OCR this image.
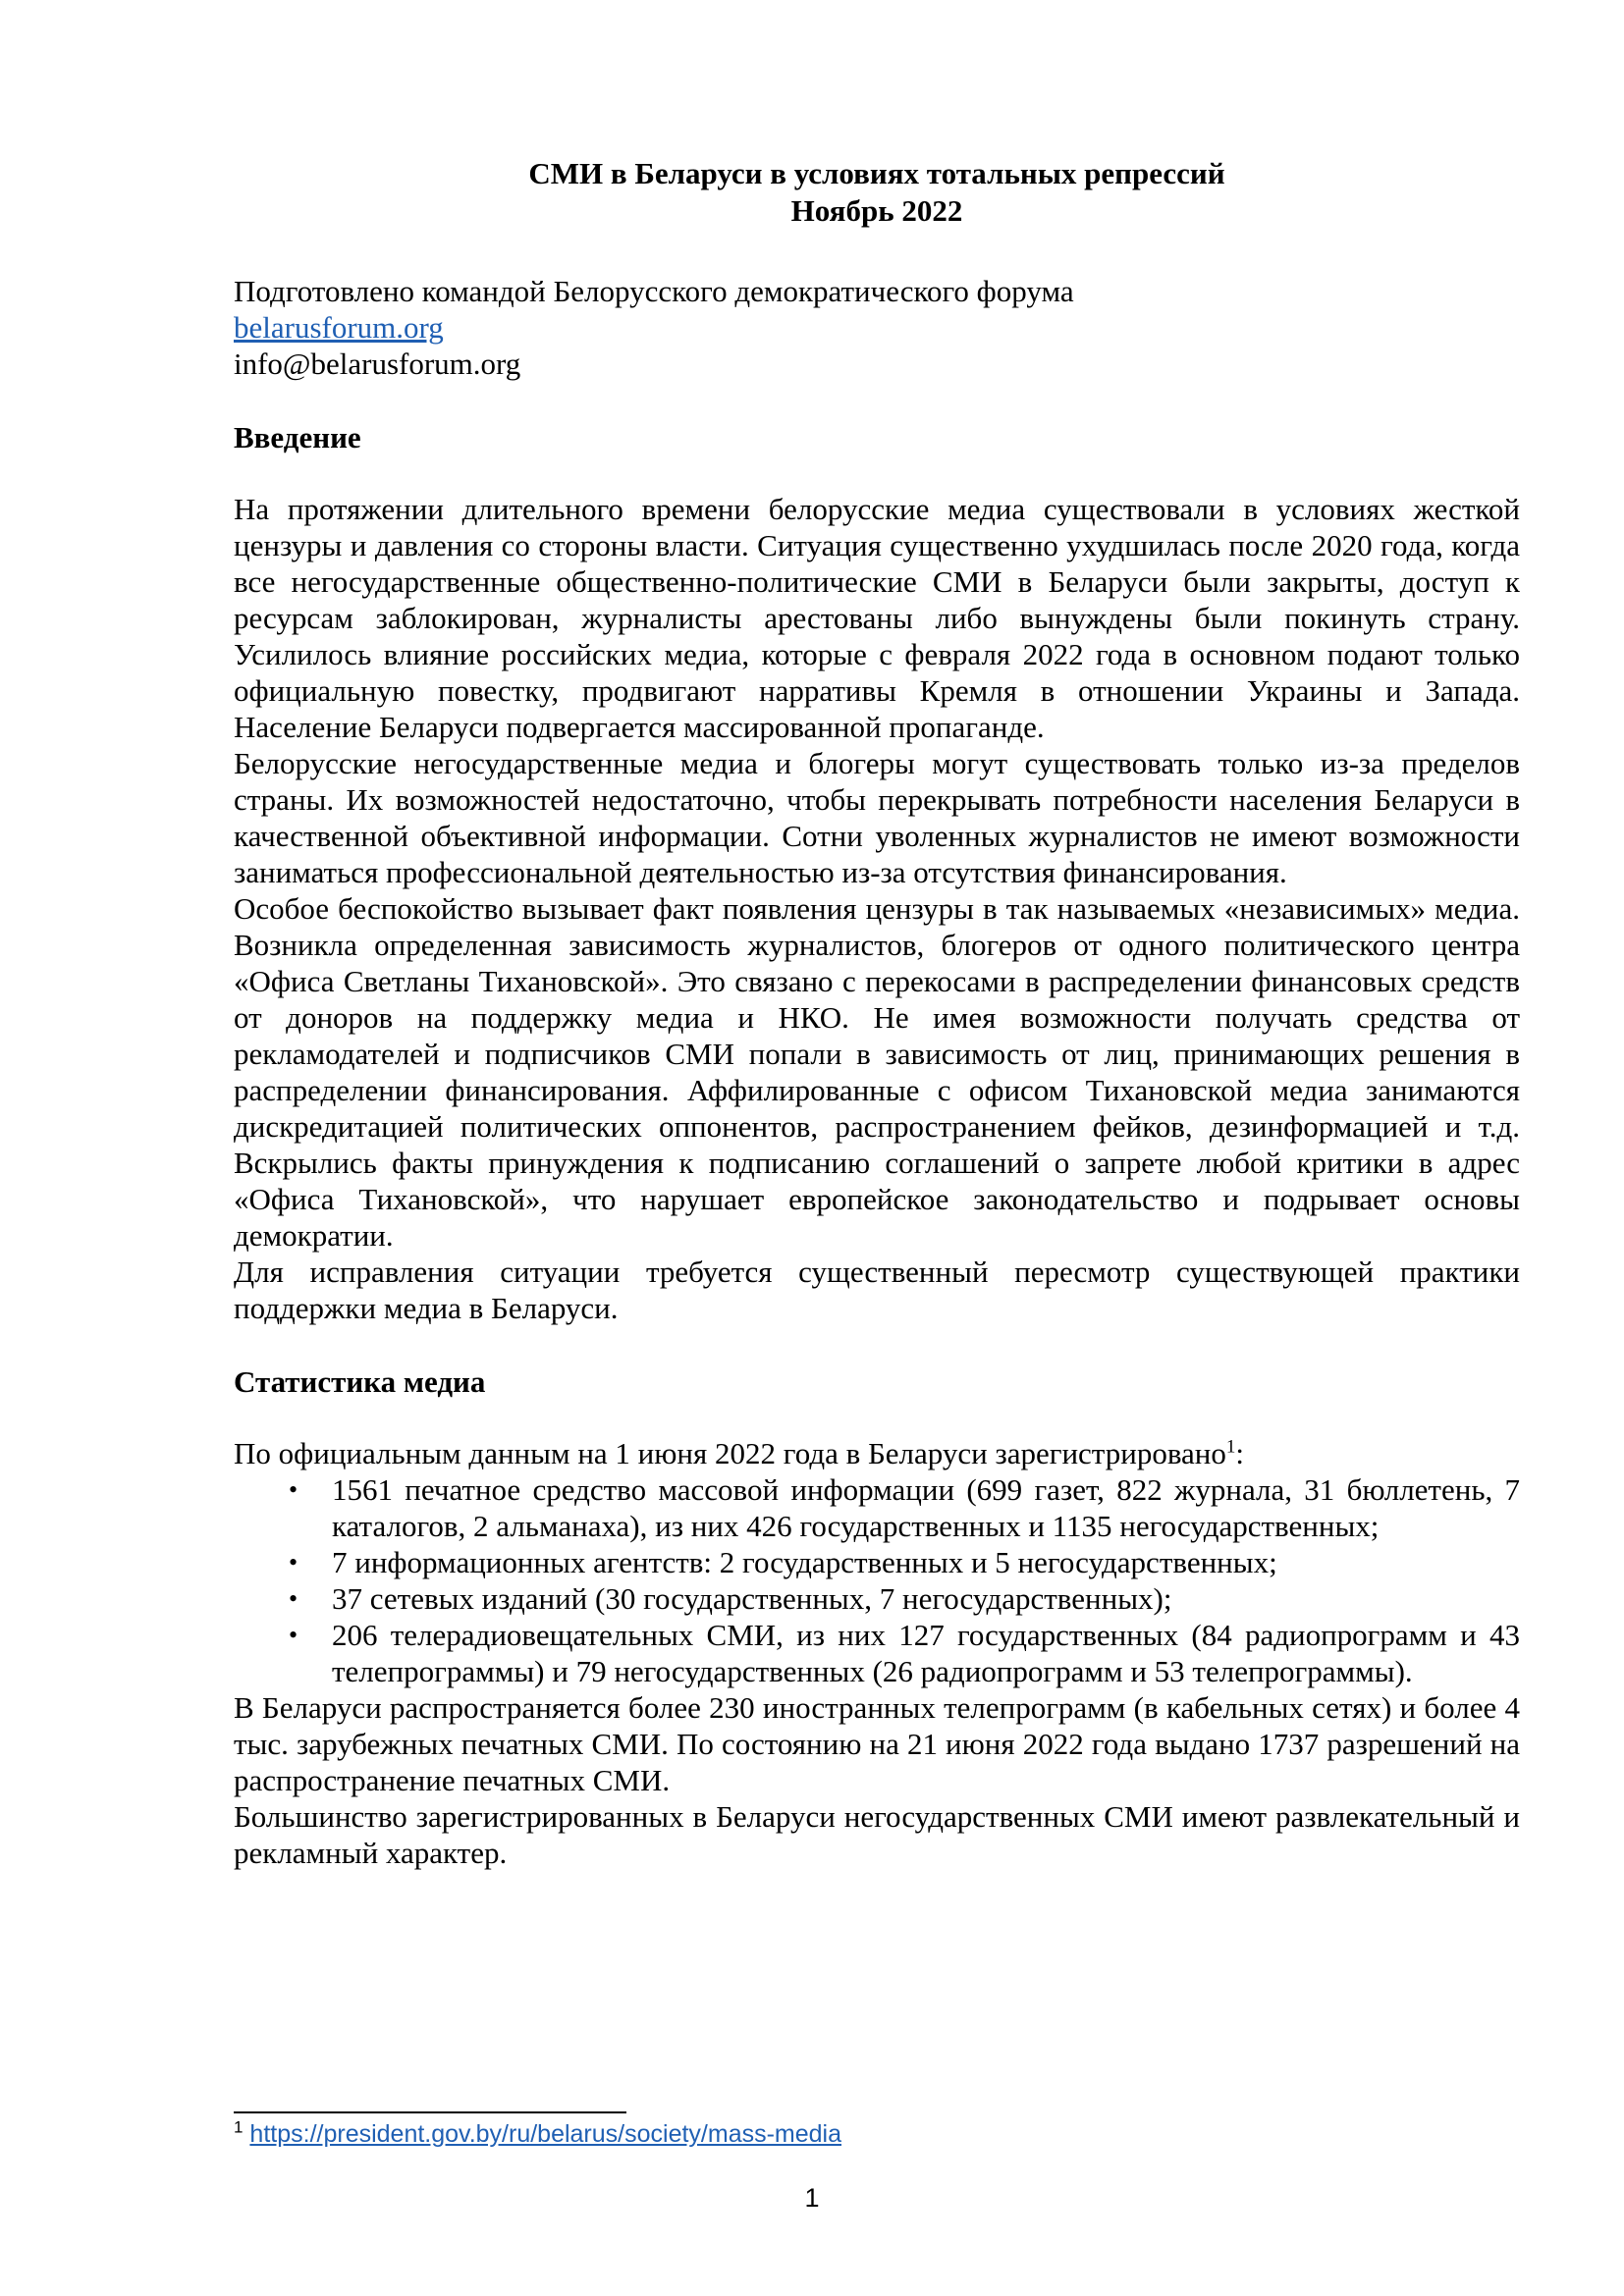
СМИ в Беларуси в условиях тотальных репрессий

Ноябрь 2022

Подготовлено командой Белорусского демократического форума

belarusforum.org

info@belarusforum.org

Введение

На протяжении длительного времени белорусские медиа существовали в условиях жесткой цензуры и давления со стороны власти. Ситуация существенно ухудшилась после 2020 года, когда все негосударственные общественно-политические СМИ в Беларуси были закрыты, доступ к ресурсам заблокирован, журналисты арестованы либо вынуждены были покинуть страну. Усилилось влияние российских медиа, которые с февраля 2022 года в основном подают только официальную повестку, продвигают нарративы Кремля в отношении Украины и Запада. Население Беларуси подвергается массированной пропаганде.

Белорусские негосударственные медиа и блогеры могут существовать только из-за пределов страны. Их возможностей недостаточно, чтобы перекрывать потребности населения Беларуси в качественной объективной информации. Сотни уволенных журналистов не имеют возможности заниматься профессиональной деятельностью из-за отсутствия финансирования.

Особое беспокойство вызывает факт появления цензуры в так называемых «независимых» медиа. Возникла определенная зависимость журналистов, блогеров от одного политического центра «Офиса Светланы Тихановской». Это связано с перекосами в распределении финансовых средств от доноров на поддержку медиа и НКО. Не имея возможности получать средства от рекламодателей и подписчиков СМИ попали в зависимость от лиц, принимающих решения в распределении финансирования. Аффилированные с офисом Тихановской медиа занимаются дискредитацией политических оппонентов, распространением фейков, дезинформацией и т.д. Вскрылись факты принуждения к подписанию соглашений о запрете любой критики в адрес «Офиса Тихановской», что нарушает европейское законодательство и подрывает основы демократии.

Для исправления ситуации требуется существенный пересмотр существующей практики поддержки медиа в Беларуси.

Статистика медиа

По официальным данным на 1 июня 2022 года в Беларуси зарегистрировано$^1$:

• 1561 печатное средство массовой информации (699 газет, 822 журнала, 31 бюллетень, 7 каталогов, 2 альманаха), из них 426 государственных и 1135 негосударственных;
• 7 информационных агентств: 2 государственных и 5 негосударственных;
• 37 сетевых изданий (30 государственных, 7 негосударственных);
• 206 телерадиовещательных СМИ, из них 127 государственных (84 радиопрограмм и 43 телепрограммы) и 79 негосударственных (26 радиопрограмм и 53 телепрограммы).

В Беларуси распространяется более 230 иностранных телепрограмм (в кабельных сетях) и более 4 тыс. зарубежных печатных СМИ. По состоянию на 21 июня 2022 года выдано 1737 разрешений на распространение печатных СМИ.

Большинство зарегистрированных в Беларуси негосударственных СМИ имеют развлекательный и рекламный характер.

$^1$ https://president.gov.by/ru/belarus/society/mass-media
1
